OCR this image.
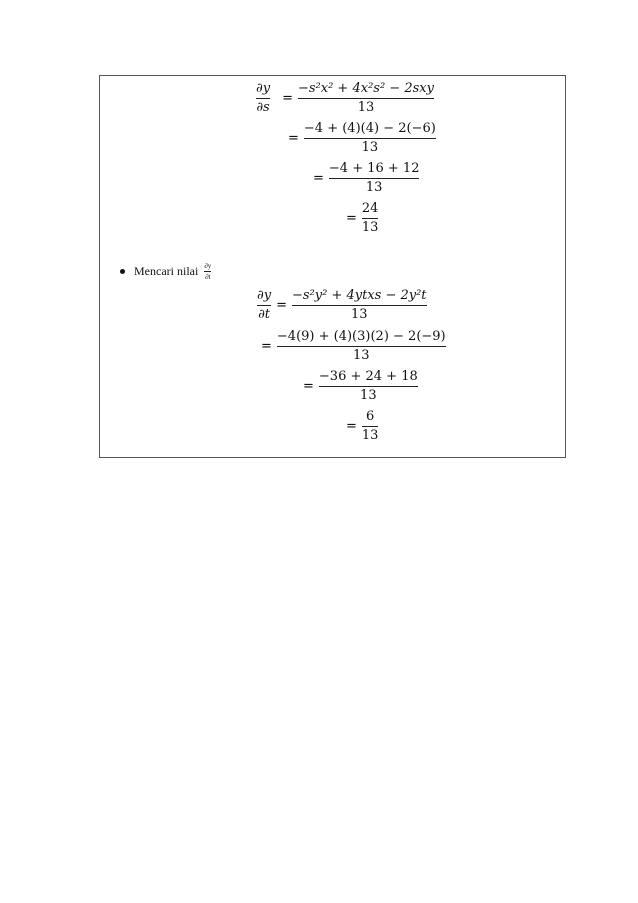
$\frac{\partial y}{\partial s} = \frac{\text{−s²x² + 4x²s² − 2sxy}}{13}$
= $\frac{-4 + (4)(4) - 2(-6)}{13}$
= $\frac{-4 + 16 + 12}{13}$
= $\frac{24}{13}$
Mencari nilai $\frac{\partial y}{\partial t}$
$\frac{\partial y}{\partial t} = \frac{\text{−s²y² + 4ytxs − 2y²t}}{13}$
= $\frac{-4(9) + (4)(3)(2) - 2(-9)}{13}$
= $\frac{-36 + 24 + 18}{13}$
= $\frac{6}{13}$
